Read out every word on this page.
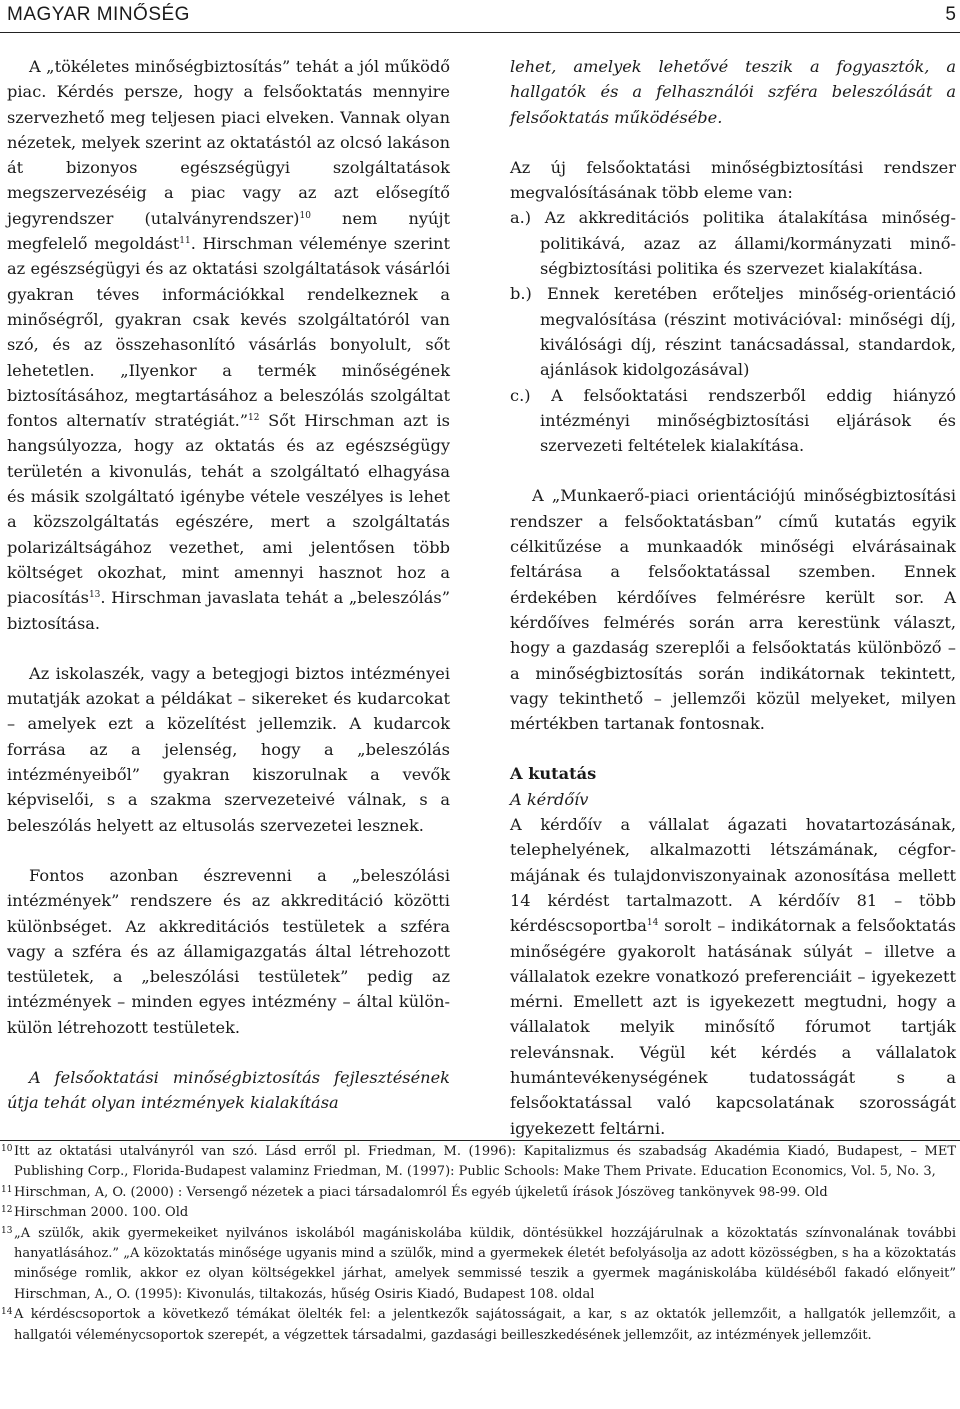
MAGYAR MINŐSÉG	5

A „tökéletes minőségbiztosítás” tehát a jól működő piac. Kérdés persze, hogy a felsőoktatás mennyire szervezhető meg teljesen piaci elveken. Vannak olyan nézetek, melyek szerint az oktatástól az olcsó lakáson át bizonyos egészségügyi szolgáltatások megszervezéséig a piac vagy az azt elősegítő jegyrendszer (utalványrendszer)$^{10}$ nem nyújt megfelelő megoldást$^{11}$. Hirschman véleménye szerint az egészségügyi és az oktatási szolgáltatások vásárlói gyakran téves információkkal rendelkeznek a minőségről, gyakran csak kevés szolgáltatóról van szó, és az összehasonlító vásárlás bonyolult, sőt lehetetlen. „Ilyenkor a termék minőségének biztosításához, megtartásához a beleszólás szolgáltat fontos alternatív stratégiát.”$^{12}$ Sőt Hirschman azt is hangsúlyozza, hogy az oktatás és az egészségügy területén a kivonulás, tehát a szolgáltató elhagyása és másik szolgáltató igénybe vétele veszélyes is lehet a közszolgáltatás egészére, mert a szolgáltatás polarizáltságához vezethet, ami jelentősen több költséget okozhat, mint amennyi hasznot hoz a piacosítás$^{13}$. Hirschman javaslata tehát a „beleszólás” biztosítása.

Az iskolaszék, vagy a betegjogi biztos intézményei mutatják azokat a példákat – sikereket és kudarcokat – amelyek ezt a közelítést jellemzik. A kudarcok forrása az a jelenség, hogy a „beleszólás intézményeiből” gyakran kiszorulnak a vevők képviselői, s a szakma szervezeteivé válnak, s a beleszólás helyett az eltusolás szervezetei lesznek.

Fontos azonban észrevenni a „beleszólási intézmények” rendszere és az akkreditáció közötti különbséget. Az akkreditációs testületek a szféra vagy a szféra és az államigazgatás által létrehozott testületek, a „beleszólási testületek” pedig az intézmények – minden egyes intézmény – által külön-külön létrehozott testületek.

A felsőoktatási minőségbiztosítás fejlesztésének útja tehát olyan intézmények kialakítása

lehet, amelyek lehetővé teszik a fogyasztók, a hallgatók és a felhasználói szféra beleszólását a felsőoktatás működésébe.

Az új felsőoktatási minőségbiztosítási rendszer megvalósításának több eleme van:

a.) Az akkreditációs politika átalakítása minőségpolitikává, azaz az állami/kormányzati minőségbiztosítási politika és szervezet kialakítása.
b.) Ennek keretében erőteljes minőség-orientáció megvalósítása (részint motivációval: minőségi díj, kiválósági díj, részint tanácsadással, standardok, ajánlások kidolgozásával)
c.) A felsőoktatási rendszerből eddig hiányzó intézményi minőségbiztosítási eljárások és szervezeti feltételek kialakítása.

A „Munkaerő-piaci orientációjú minőségbiztosítási rendszer a felsőoktatásban” című kutatás egyik célkitűzése a munkaadók minőségi elvárásainak feltárása a felsőoktatással szemben. Ennek érdekében kérdőíves felmérésre került sor. A kérdőíves felmérés során arra kerestünk választ, hogy a gazdaság szereplői a felsőoktatás különböző – a minőségbiztosítás során indikátornak tekintett, vagy tekinthető – jellemzői közül melyeket, milyen mértékben tartanak fontosnak.

A kutatás

A kérdőív

A kérdőív a vállalat ágazati hovatartozásának, telephelyének, alkalmazotti létszámának, cégformájának és tulajdonviszonyainak azonosítása mellett 14 kérdést tartalmazott. A kérdőív 81 – több kérdéscsoportba$^{14}$ sorolt – indikátornak a felsőoktatás minőségére gyakorolt hatásának súlyát – illetve a vállalatok ezekre vonatkozó preferenciáit – igyekezett mérni. Emellett azt is igyekezett megtudni, hogy a vállalatok melyik minősítő fórumot tartják relevánsnak. Végül két kérdés a vállalatok humántevékenységének tudatosságát s a felsőoktatással való kapcsolatának szorosságát igyekezett feltárni.

10 Itt az oktatási utalványról van szó. Lásd erről pl. Friedman, M. (1996): Kapitalizmus és szabadság Akadémia Kiadó, Budapest, – MET Publishing Corp., Florida-Budapest valaminz Friedman, M. (1997): Public Schools: Make Them Private. Education Economics, Vol. 5, No. 3,

11 Hirschman, A, O. (2000) : Versengő nézetek a piaci társadalomról És egyéb újkeletű írások Jószöveg tankönyvek 98-99. Old

12 Hirschman 2000. 100. Old

13 „A szülők, akik gyermekeiket nyilvános iskolából magániskolába küldik, döntésükkel hozzájárulnak a közoktatás színvonalának további hanyatlásához.” „A közoktatás minősége ugyanis mind a szülők, mind a gyermekek életét befolyásolja az adott közösségben, s ha a közoktatás minősége romlik, akkor ez olyan költségekkel járhat, amelyek semmissé teszik a gyermek magániskolába küldéséből fakadó előnyeit” Hirschman, A., O. (1995): Kivonulás, tiltakozás, hűség Osiris Kiadó, Budapest 108. oldal

14 A kérdéscsoportok a következő témákat ölelték fel: a jelentkezők sajátosságait, a kar, s az oktatók jellemzőit, a hallgatók jellemzőit, a hallgatói véleménycsoportok szerepét, a végzettek társadalmi, gazdasági beilleszkedésének jellemzőit, az intézmények jellemzőit.
